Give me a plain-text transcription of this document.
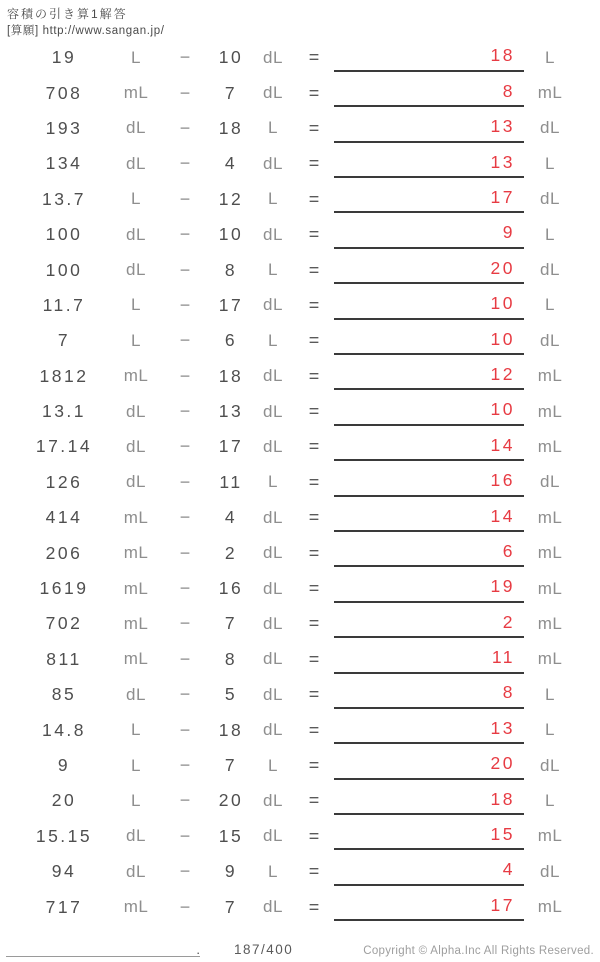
容積の引き算1解答
[算願] http://www.sangan.jp/
19	L	−	10	dL	=	18	L
708	mL	−	7	dL	=	8	mL
193	dL	−	18	L	=	13	dL
134	dL	−	4	dL	=	13	L
13.7	L	−	12	L	=	17	dL
100	dL	−	10	dL	=	9	L
100	dL	−	8	L	=	20	dL
11.7	L	−	17	dL	=	10	L
7	L	−	6	L	=	10	dL
1812	mL	−	18	dL	=	12	mL
13.1	dL	−	13	dL	=	10	mL
17.14	dL	−	17	dL	=	14	mL
126	dL	−	11	L	=	16	dL
414	mL	−	4	dL	=	14	mL
206	mL	−	2	dL	=	6	mL
1619	mL	−	16	dL	=	19	mL
702	mL	−	7	dL	=	2	mL
811	mL	−	8	dL	=	11	mL
85	dL	−	5	dL	=	8	L
14.8	L	−	18	dL	=	13	L
9	L	−	7	L	=	20	dL
20	L	−	20	dL	=	18	L
15.15	dL	−	15	dL	=	15	mL
94	dL	−	9	L	=	4	dL
717	mL	−	7	dL	=	17	mL
.	187/400	Copyright © Alpha.Inc All Rights Reserved.
